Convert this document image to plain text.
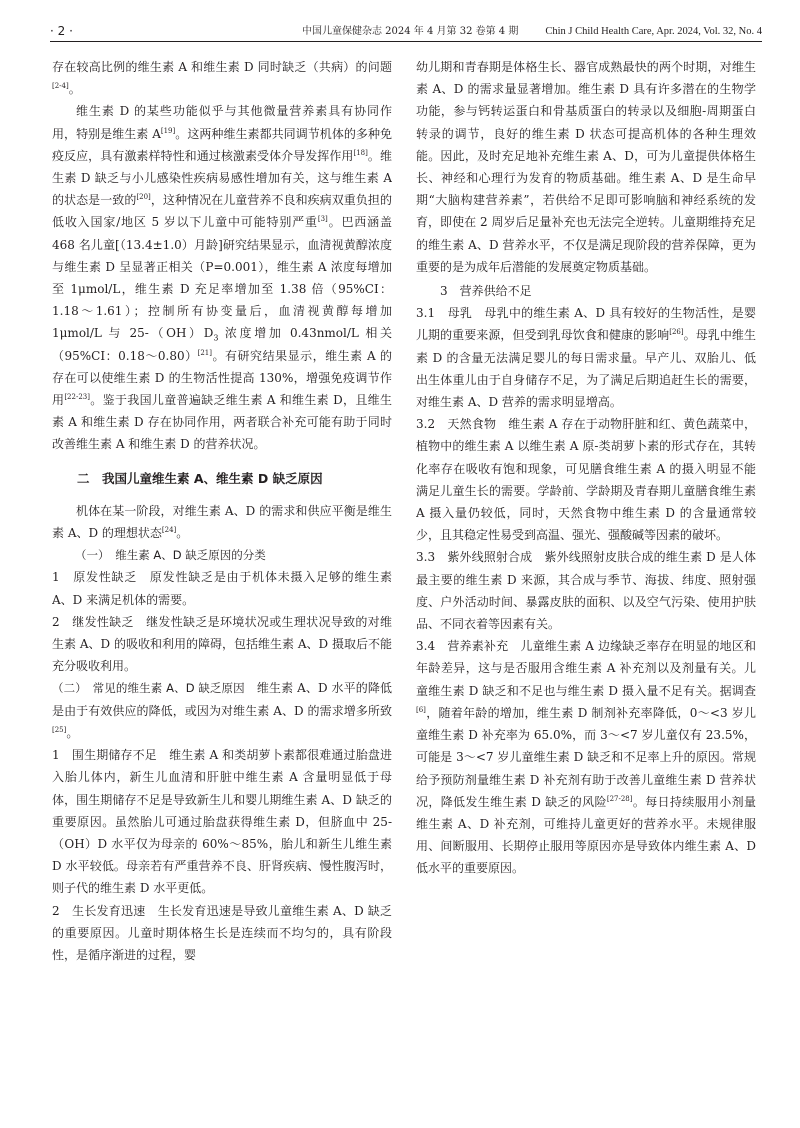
· 2 ·	中国儿童保健杂志 2024 年 4 月第 32 卷第 4 期	Chin J Child Health Care, Apr. 2024, Vol. 32, No. 4

存在较高比例的维生素 A 和维生素 D 同时缺乏（共病）的问题[2-4]。

维生素 D 的某些功能似乎与其他微量营养素具有协同作用，特别是维生素 A[19]。这两种维生素都共同调节机体的多种免疫反应，具有激素样特性和通过核激素受体介导发挥作用[18]。维生素 D 缺乏与小儿感染性疾病易感性增加有关，这与维生素 A 的状态是一致的[20]，这种情况在儿童营养不良和疾病双重负担的低收入国家/地区 5 岁以下儿童中可能特别严重[3]。巴西涵盖 468 名儿童[（13.4±1.0）月龄]研究结果显示，血清视黄醇浓度与维生素 D 呈显著正相关（P=0.001），维生素 A 浓度每增加至 1μmol/L，维生素 D 充足率增加至 1.38 倍（95%CI：1.18～1.61）；控制所有协变量后，血清视黄醇每增加 1μmol/L 与 $25-(OH)D_3$ 浓度增加 0.43nmol/L 相关（95%CI：0.18～0.80）[21]。有研究结果显示，维生素 A 的存在可以使维生素 D 的生物活性提高 130%，增强免疫调节作用[22-23]。鉴于我国儿童普遍缺乏维生素 A 和维生素 D，且维生素 A 和维生素 D 存在协同作用，两者联合补充可能有助于同时改善维生素 A 和维生素 D 的营养状况。

二　我国儿童维生素 A、维生素 D 缺乏原因

机体在某一阶段，对维生素 A、D 的需求和供应平衡是维生素 A、D 的理想状态[24]。

（一）　维生素 A、D 缺乏原因的分类

1　原发性缺乏　原发性缺乏是由于机体未摄入足够的维生素 A、D 来满足机体的需要。

2　继发性缺乏　继发性缺乏是环境状况或生理状况导致的对维生素 A、D 的吸收和利用的障碍，包括维生素 A、D 摄取后不能充分吸收利用。

（二）　常见的维生素 A、D 缺乏原因　维生素 A、D 水平的降低是由于有效供应的降低，或因为对维生素 A、D 的需求增多所致[25]。

1　围生期储存不足　维生素 A 和类胡萝卜素都很难通过胎盘进入胎儿体内，新生儿血清和肝脏中维生素 A 含量明显低于母体，围生期储存不足是导致新生儿和婴儿期维生素 A、D 缺乏的重要原因。虽然胎儿可通过胎盘获得维生素 D，但脐血中 25-（OH）D 水平仅为母亲的 60%～85%，胎儿和新生儿维生素 D 水平较低。母亲若有严重营养不良、肝肾疾病、慢性腹泻时，则子代的维生素 D 水平更低。

2　生长发育迅速　生长发育迅速是导致儿童维生素 A、D 缺乏的重要原因。儿童时期体格生长是连续而不均匀的，具有阶段性，是循序渐进的过程，婴

幼儿期和青春期是体格生长、器官成熟最快的两个时期，对维生素 A、D 的需求量显著增加。维生素 D 具有许多潜在的生物学功能，参与钙转运蛋白和骨基质蛋白的转录以及细胞-周期蛋白转录的调节，良好的维生素 D 状态可提高机体的各种生理效能。因此，及时充足地补充维生素 A、D，可为儿童提供体格生长、神经和心理行为发育的物质基础。维生素 A、D 是生命早期“大脑构建营养素”，若供给不足即可影响脑和神经系统的发育，即使在 2 周岁后足量补充也无法完全逆转。儿童期维持充足的维生素 A、D 营养水平，不仅是满足现阶段的营养保障，更为重要的是为成年后潜能的发展奠定物质基础。

3　营养供给不足

3.1　母乳　母乳中的维生素 A、D 具有较好的生物活性，是婴儿期的重要来源，但受到乳母饮食和健康的影响[26]。母乳中维生素 D 的含量无法满足婴儿的每日需求量。早产儿、双胎儿、低出生体重儿由于自身储存不足，为了满足后期追赶生长的需要，对维生素 A、D 营养的需求明显增高。

3.2　天然食物　维生素 A 存在于动物肝脏和红、黄色蔬菜中，植物中的维生素 A 以维生素 A 原-类胡萝卜素的形式存在，其转化率存在吸收有饱和现象，可见膳食维生素 A 的摄入明显不能满足儿童生长的需要。学龄前、学龄期及青春期儿童膳食维生素 A 摄入量仍较低，同时，天然食物中维生素 D 的含量通常较少，且其稳定性易受到高温、强光、强酸碱等因素的破坏。

3.3　紫外线照射合成　紫外线照射皮肤合成的维生素 D 是人体最主要的维生素 D 来源，其合成与季节、海拔、纬度、照射强度、户外活动时间、暴露皮肤的面积、以及空气污染、使用护肤品、不同衣着等因素有关。

3.4　营养素补充　儿童维生素 A 边缘缺乏率存在明显的地区和年龄差异，这与是否服用含维生素 A 补充剂以及剂量有关。儿童维生素 D 缺乏和不足也与维生素 D 摄入量不足有关。据调查[6]，随着年龄的增加，维生素 D 制剂补充率降低，0～<3 岁儿童维生素 D 补充率为 65.0%，而 3～<7 岁儿童仅有 23.5%，可能是 3～<7 岁儿童维生素 D 缺乏和不足率上升的原因。常规给予预防剂量维生素 D 补充剂有助于改善儿童维生素 D 营养状况，降低发生维生素 D 缺乏的风险[27-28]。每日持续服用小剂量维生素 A、D 补充剂，可维持儿童更好的营养水平。未规律服用、间断服用、长期停止服用等原因亦是导致体内维生素 A、D 低水平的重要原因。
